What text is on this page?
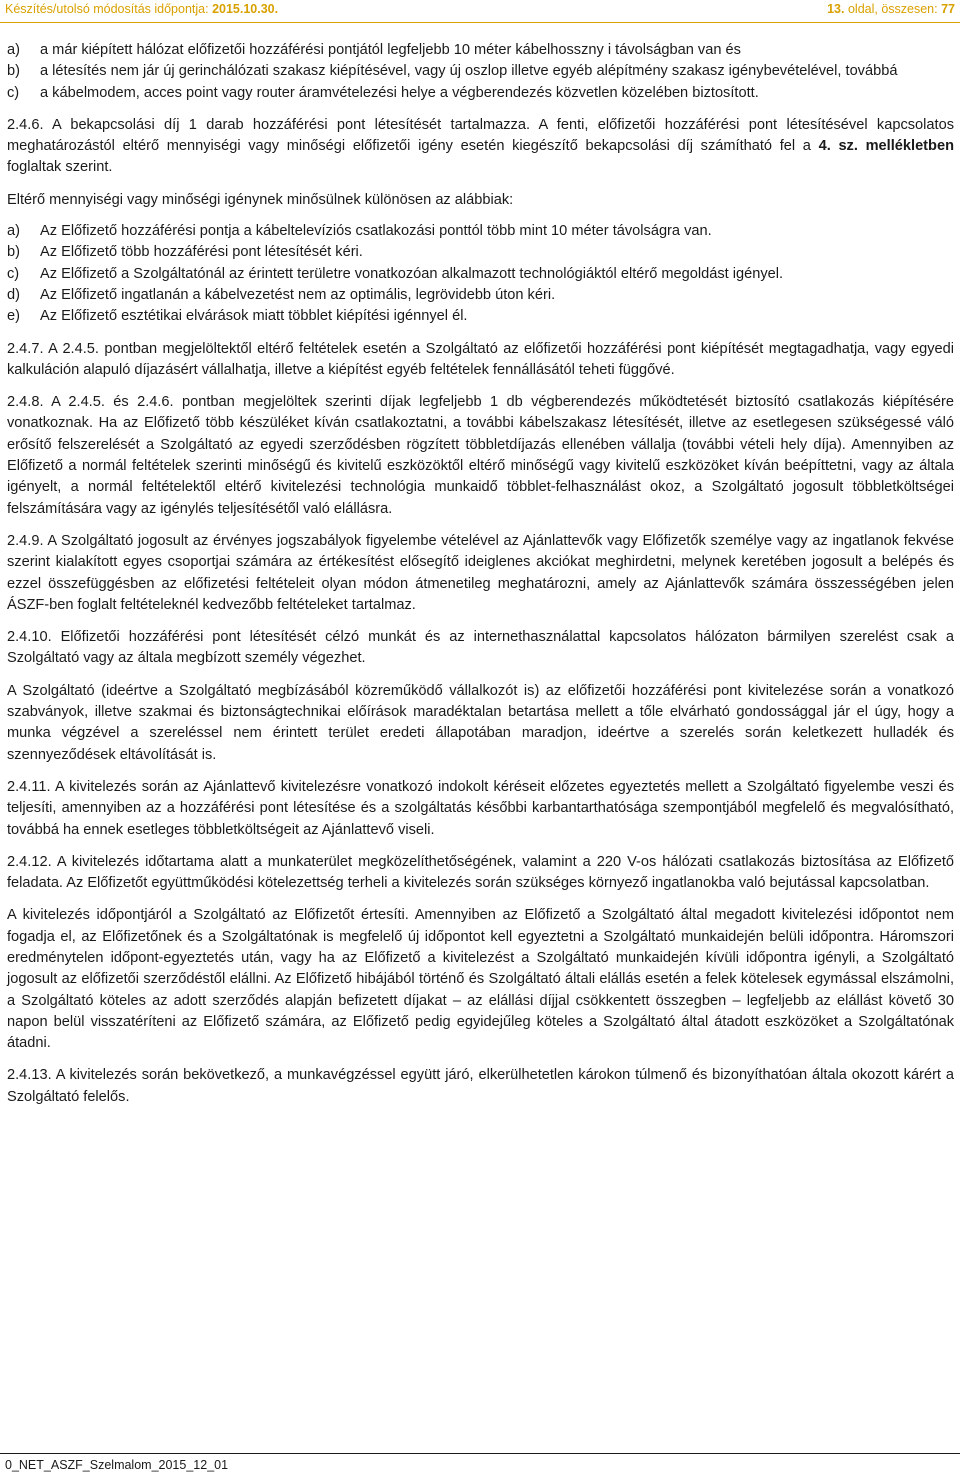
Készítés/utolsó módosítás időpontja: 2015.10.30.	13. oldal, összesen: 77

a) a már kiépített hálózat előfizetői hozzáférési pontjától legfeljebb 10 méter kábelhosszny i távolságban van és

b) a létesítés nem jár új gerinchálózati szakasz kiépítésével, vagy új oszlop illetve egyéb alépítmény szakasz igénybevételével, továbbá

c) a kábelmodem, acces point vagy router áramvételezési helye a végberendezés közvetlen közelében biztosított.

2.4.6. A bekapcsolási díj 1 darab hozzáférési pont létesítését tartalmazza. A fenti, előfizetői hozzáférési pont létesítésével kapcsolatos meghatározástól eltérő mennyiségi vagy minőségi előfizetői igény esetén kiegészítő bekapcsolási díj számítható fel a 4. sz. mellékletben foglaltak szerint.

Eltérő mennyiségi vagy minőségi igénynek minősülnek különösen az alábbiak:

a) Az Előfizető hozzáférési pontja a kábeltelevíziós csatlakozási ponttól több mint 10 méter távolságra van.

b) Az Előfizető több hozzáférési pont létesítését kéri.

c) Az Előfizető a Szolgáltatónál az érintett területre vonatkozóan alkalmazott technológiáktól eltérő megoldást igényel.

d) Az Előfizető ingatlanán a kábelvezetést nem az optimális, legrövidebb úton kéri.

e) Az Előfizető esztétikai elvárások miatt többlet kiépítési igénnyel él.

2.4.7. A 2.4.5. pontban megjelöltektől eltérő feltételek esetén a Szolgáltató az előfizetői hozzáférési pont kiépítését megtagadhatja, vagy egyedi kalkuláción alapuló díjazásért vállalhatja, illetve a kiépítést egyéb feltételek fennállásától teheti függővé.

2.4.8. A 2.4.5. és 2.4.6. pontban megjelöltek szerinti díjak legfeljebb 1 db végberendezés működtetését biztosító csatlakozás kiépítésére vonatkoznak. Ha az Előfizető több készüléket kíván csatlakoztatni, a további kábelszakasz létesítését, illetve az esetlegesen szükségessé váló erősítő felszerelését a Szolgáltató az egyedi szerződésben rögzített többletdíjazás ellenében vállalja (további vételi hely díja). Amennyiben az Előfizető a normál feltételek szerinti minőségű és kivitelű eszközöktől eltérő minőségű vagy kivitelű eszközöket kíván beépíttetni, vagy az általa igényelt, a normál feltételektől eltérő kivitelezési technológia munkaidő többlet-felhasználást okoz, a Szolgáltató jogosult többletköltségei felszámítására vagy az igénylés teljesítésétől való elállásra.

2.4.9. A Szolgáltató jogosult az érvényes jogszabályok figyelembe vételével az Ajánlattevők vagy Előfizetők személye vagy az ingatlanok fekvése szerint kialakított egyes csoportjai számára az értékesítést elősegítő ideiglenes akciókat meghirdetni, melynek keretében jogosult a belépés és ezzel összefüggésben az előfizetési feltételeit olyan módon átmenetileg meghatározni, amely az Ajánlattevők számára összességében jelen ÁSZF-ben foglalt feltételeknél kedvezőbb feltételeket tartalmaz.

2.4.10. Előfizetői hozzáférési pont létesítését célzó munkát és az internethasználattal kapcsolatos hálózaton bármilyen szerelést csak a Szolgáltató vagy az általa megbízott személy végezhet.

A Szolgáltató (ideértve a Szolgáltató megbízásából közreműködő vállalkozót is) az előfizetői hozzáférési pont kivitelezése során a vonatkozó szabványok, illetve szakmai és biztonságtechnikai előírások maradéktalan betartása mellett a tőle elvárható gondossággal jár el úgy, hogy a munka végzével a szereléssel nem érintett terület eredeti állapotában maradjon, ideértve a szerelés során keletkezett hulladék és szennyeződések eltávolítását is.

2.4.11. A kivitelezés során az Ajánlattevő kivitelezésre vonatkozó indokolt kéréseit előzetes egyeztetés mellett a Szolgáltató figyelembe veszi és teljesíti, amennyiben az a hozzáférési pont létesítése és a szolgáltatás későbbi karbantarthatósága szempontjából megfelelő és megvalósítható, továbbá ha ennek esetleges többletköltségeit az Ajánlattevő viseli.

2.4.12. A kivitelezés időtartama alatt a munkaterület megközelíthetőségének, valamint a 220 V-os hálózati csatlakozás biztosítása az Előfizető feladata. Az Előfizetőt együttműködési kötelezettség terheli a kivitelezés során szükséges környező ingatlanokba való bejutással kapcsolatban.

A kivitelezés időpontjáról a Szolgáltató az Előfizetőt értesíti. Amennyiben az Előfizető a Szolgáltató által megadott kivitelezési időpontot nem fogadja el, az Előfizetőnek és a Szolgáltatónak is megfelelő új időpontot kell egyeztetni a Szolgáltató munkaidején belüli időpontra. Háromszori eredménytelen időpont-egyeztetés után, vagy ha az Előfizető a kivitelezést a Szolgáltató munkaidején kívüli időpontra igényli, a Szolgáltató jogosult az előfizetői szerződéstől elállni. Az Előfizető hibájából történő és Szolgáltató általi elállás esetén a felek kötelesek egymással elszámolni, a Szolgáltató köteles az adott szerződés alapján befizetett díjakat – az elállási díjjal csökkentett összegben – legfeljebb az elállást követő 30 napon belül visszatéríteni az Előfizető számára, az Előfizető pedig egyidejűleg köteles a Szolgáltató által átadott eszközöket a Szolgáltatónak átadni.

2.4.13. A kivitelezés során bekövetkező, a munkavégzéssel együtt járó, elkerülhetetlen károkon túlmenő és bizonyíthatóan általa okozott kárért a Szolgáltató felelős.

0_NET_ASZF_Szelmalom_2015_12_01
